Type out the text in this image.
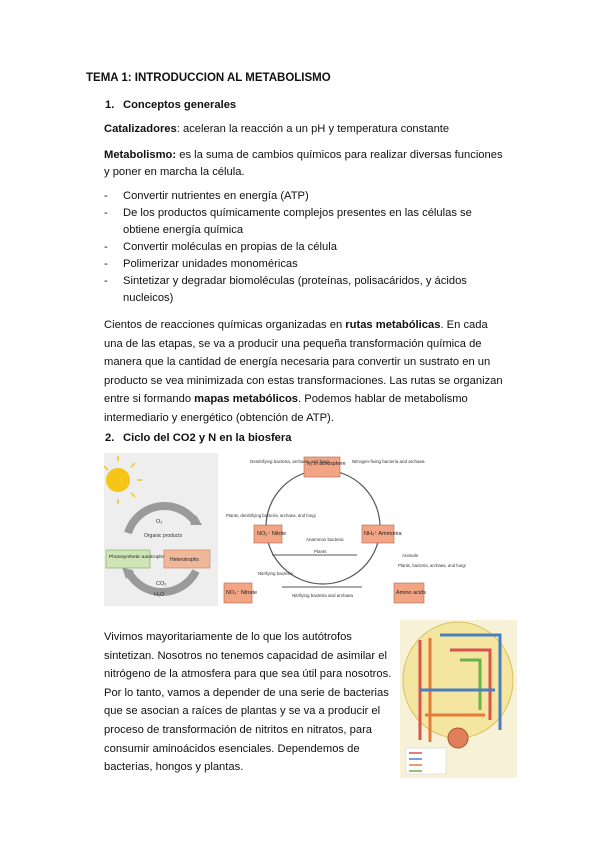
TEMA 1: INTRODUCCION AL METABOLISMO
1. Conceptos generales
Catalizadores: aceleran la reacción a un pH y temperatura constante
Metabolismo: es la suma de cambios químicos para realizar diversas funciones y poner en marcha la célula.
- Convertir nutrientes en energía (ATP)
- De los productos químicamente complejos presentes en las células se obtiene energía química
- Convertir moléculas en propias de la célula
- Polimerizar unidades monoméricas
- Sintetizar y degradar biomoléculas (proteínas, polisacáridos, y ácidos nucleicos)
Cientos de reacciones químicas organizadas en rutas metabólicas. En cada una de las etapas, se va a producir una pequeña transformación química de manera que la cantidad de energía necesaria para convertir un sustrato en un producto se vea minimizada con estas transformaciones. Las rutas se organizan entre si formando mapas metabólicos. Podemos hablar de metabolismo intermediario y energético (obtención de ATP).
2. Ciclo del CO2 y N en la biosfera
O₂
Organic products
CO₂
H₂O
Photosynthetic autotrophs Heterotrophs
N₂ in atmosphere
NO₂⁻ Nitrite	NH₄⁺ Ammonia
NO₃⁻ Nitrate	Amino acids
Denitrifying bacteria, archaea, and fungi	Nitrogen-fixing bacteria and archaea
Plants, denitrifying bacteria, archaea, and fungi
Anammox bacteria
Plants, bacteria, archaea, and fungi
Plants
Animals
Nitrifying bacteria
Nitrifying bacteria and archaea
Vivimos mayoritariamente de lo que los autótrofos sintetizan. Nosotros no tenemos capacidad de asimilar el nitrógeno de la atmosfera para que sea útil para nosotros. Por lo tanto, vamos a depender de una serie de bacterias que se asocian a raíces de plantas y se va a producir el proceso de transformación de nitritos en nitratos, para consumir aminoácidos esenciales. Dependemos de bacterias, hongos y plantas.
